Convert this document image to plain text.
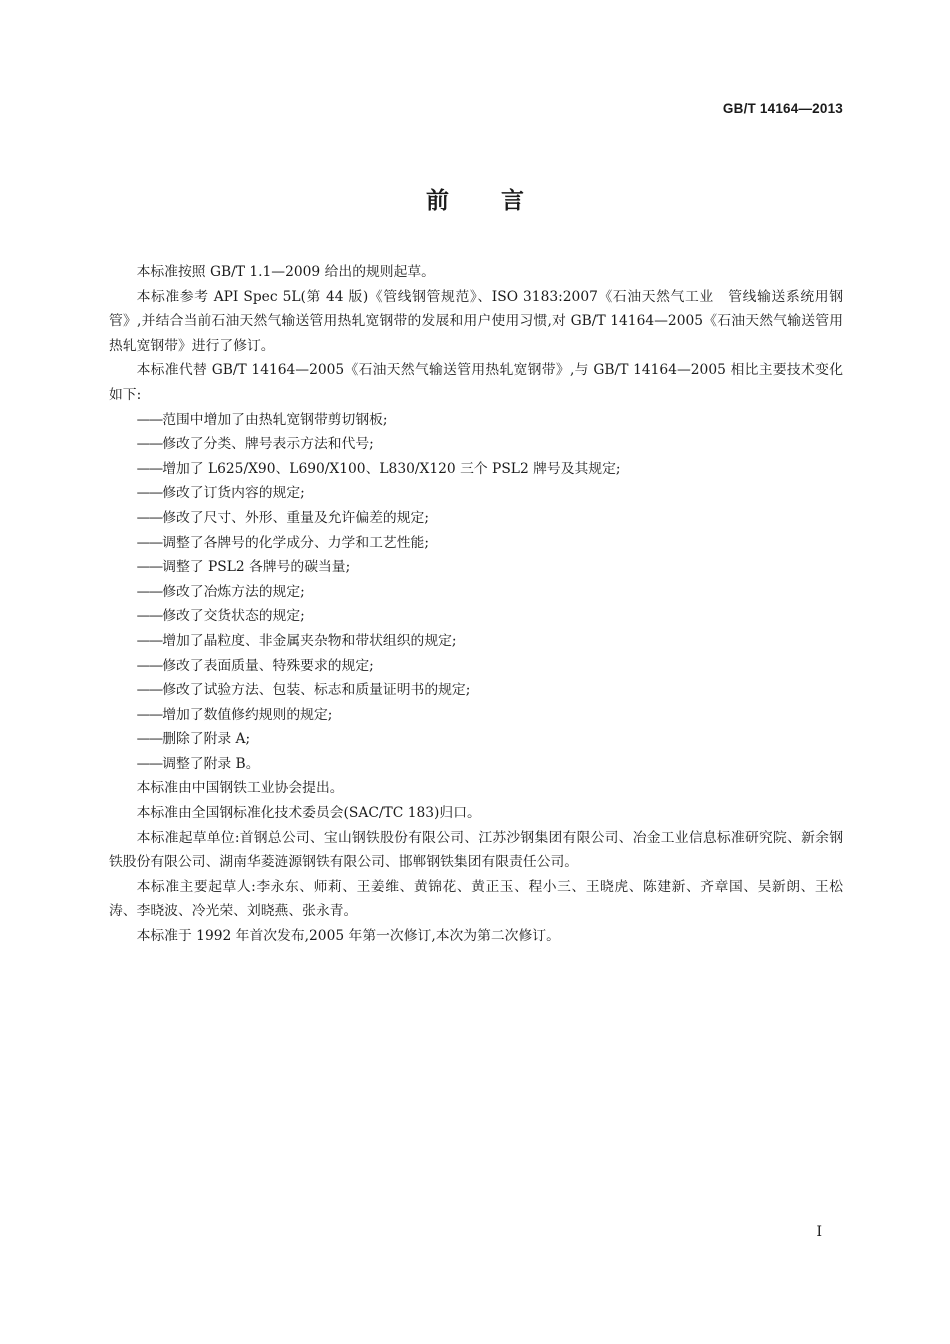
GB/T 14164—2013
前言

本标准按照 GB/T 1.1—2009 给出的规则起草。

本标准参考 API Spec 5L(第 44 版)《管线钢管规范》、ISO 3183:2007《石油天然气工业　管线输送系统用钢管》,并结合当前石油天然气输送管用热轧宽钢带的发展和用户使用习惯,对 GB/T 14164—2005《石油天然气输送管用热轧宽钢带》进行了修订。

本标准代替 GB/T 14164—2005《石油天然气输送管用热轧宽钢带》,与 GB/T 14164—2005 相比主要技术变化如下:

—— 范围中增加了由热轧宽钢带剪切钢板;
—— 修改了分类、牌号表示方法和代号;
—— 增加了 L625/X90、L690/X100、L830/X120 三个 PSL2 牌号及其规定;
—— 修改了订货内容的规定;
—— 修改了尺寸、外形、重量及允许偏差的规定;
—— 调整了各牌号的化学成分、力学和工艺性能;
—— 调整了 PSL2 各牌号的碳当量;
—— 修改了冶炼方法的规定;
—— 修改了交货状态的规定;
—— 增加了晶粒度、非金属夹杂物和带状组织的规定;
—— 修改了表面质量、特殊要求的规定;
—— 修改了试验方法、包装、标志和质量证明书的规定;
—— 增加了数值修约规则的规定;
—— 删除了附录 A;
—— 调整了附录 B。

本标准由中国钢铁工业协会提出。

本标准由全国钢标准化技术委员会(SAC/TC 183)归口。

本标准起草单位:首钢总公司、宝山钢铁股份有限公司、江苏沙钢集团有限公司、冶金工业信息标准研究院、新余钢铁股份有限公司、湖南华菱涟源钢铁有限公司、邯郸钢铁集团有限责任公司。

本标准主要起草人:李永东、师莉、王姜维、黄锦花、黄正玉、程小三、王晓虎、陈建新、齐章国、吴新朗、王松涛、李晓波、冷光荣、刘晓燕、张永青。

本标准于 1992 年首次发布,2005 年第一次修订,本次为第二次修订。

I
